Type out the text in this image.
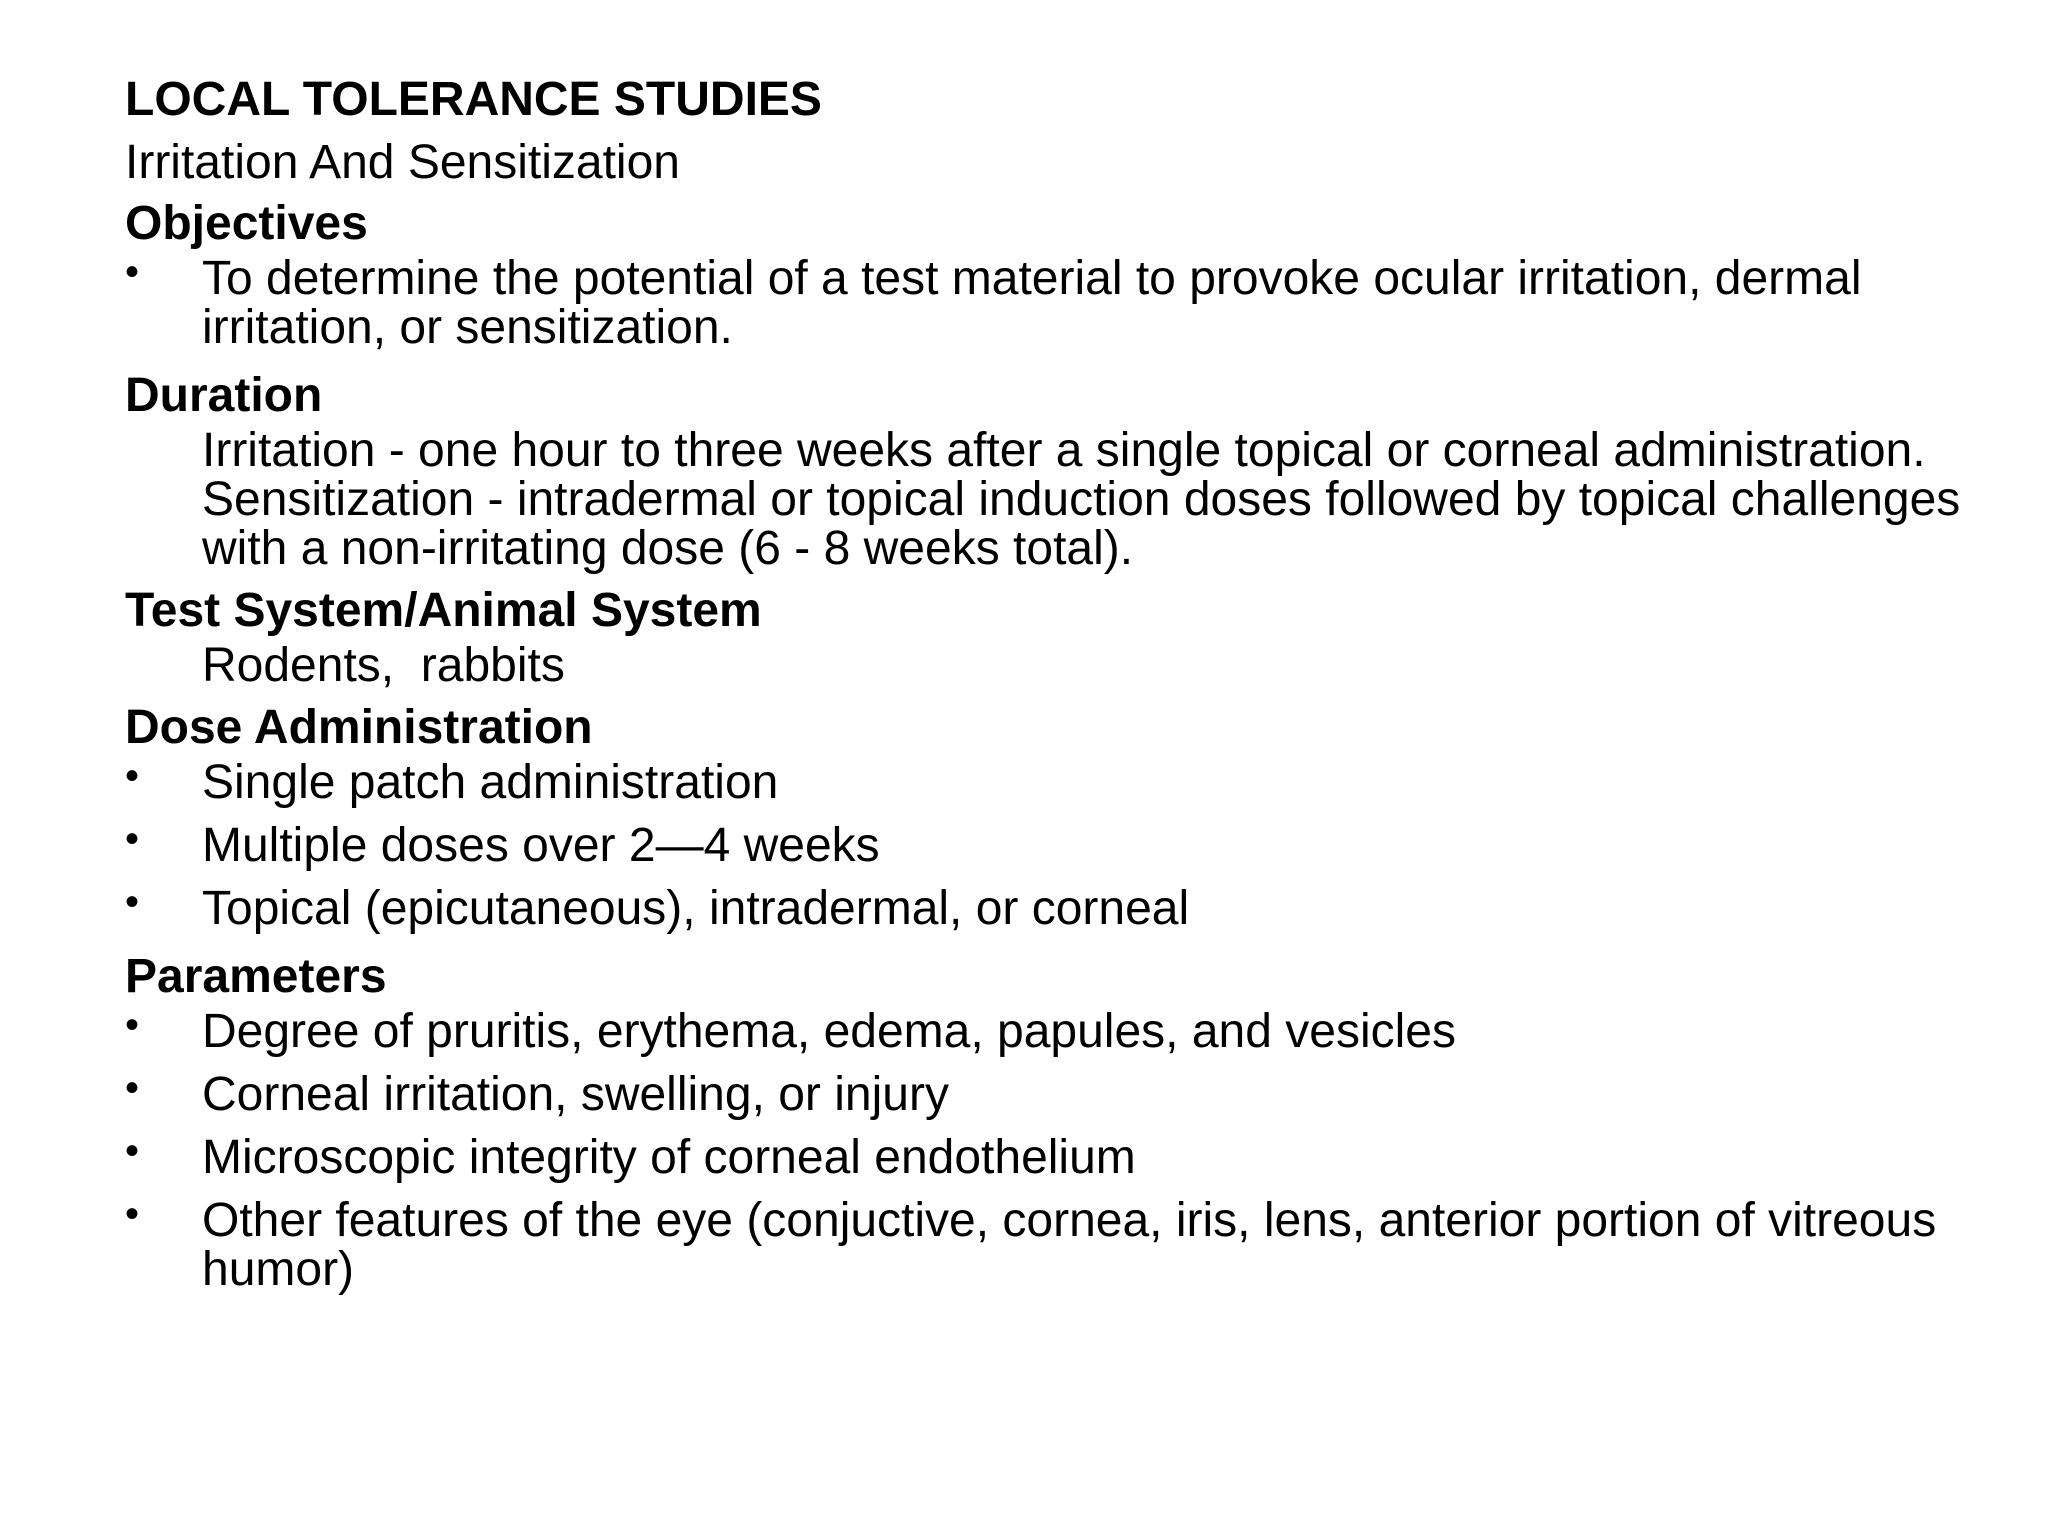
LOCAL TOLERANCE STUDIES

Irritation And Sensitization

Objectives

• To determine the potential of a test material to provoke ocular irritation, dermal irritation, or sensitization.

Duration

Irritation - one hour to three weeks after a single topical or corneal administration. Sensitization - intradermal or topical induction doses followed by topical challenges with a non-irritating dose (6 - 8 weeks total).

Test System/Animal System

Rodents,  rabbits

Dose Administration

• Single patch administration
• Multiple doses over 2—4 weeks
• Topical (epicutaneous), intradermal, or corneal

Parameters

• Degree of pruritis, erythema, edema, papules, and vesicles
• Corneal irritation, swelling, or injury
• Microscopic integrity of corneal endothelium
• Other features of the eye (conjuctive, cornea, iris, lens, anterior portion of vitreous humor)
